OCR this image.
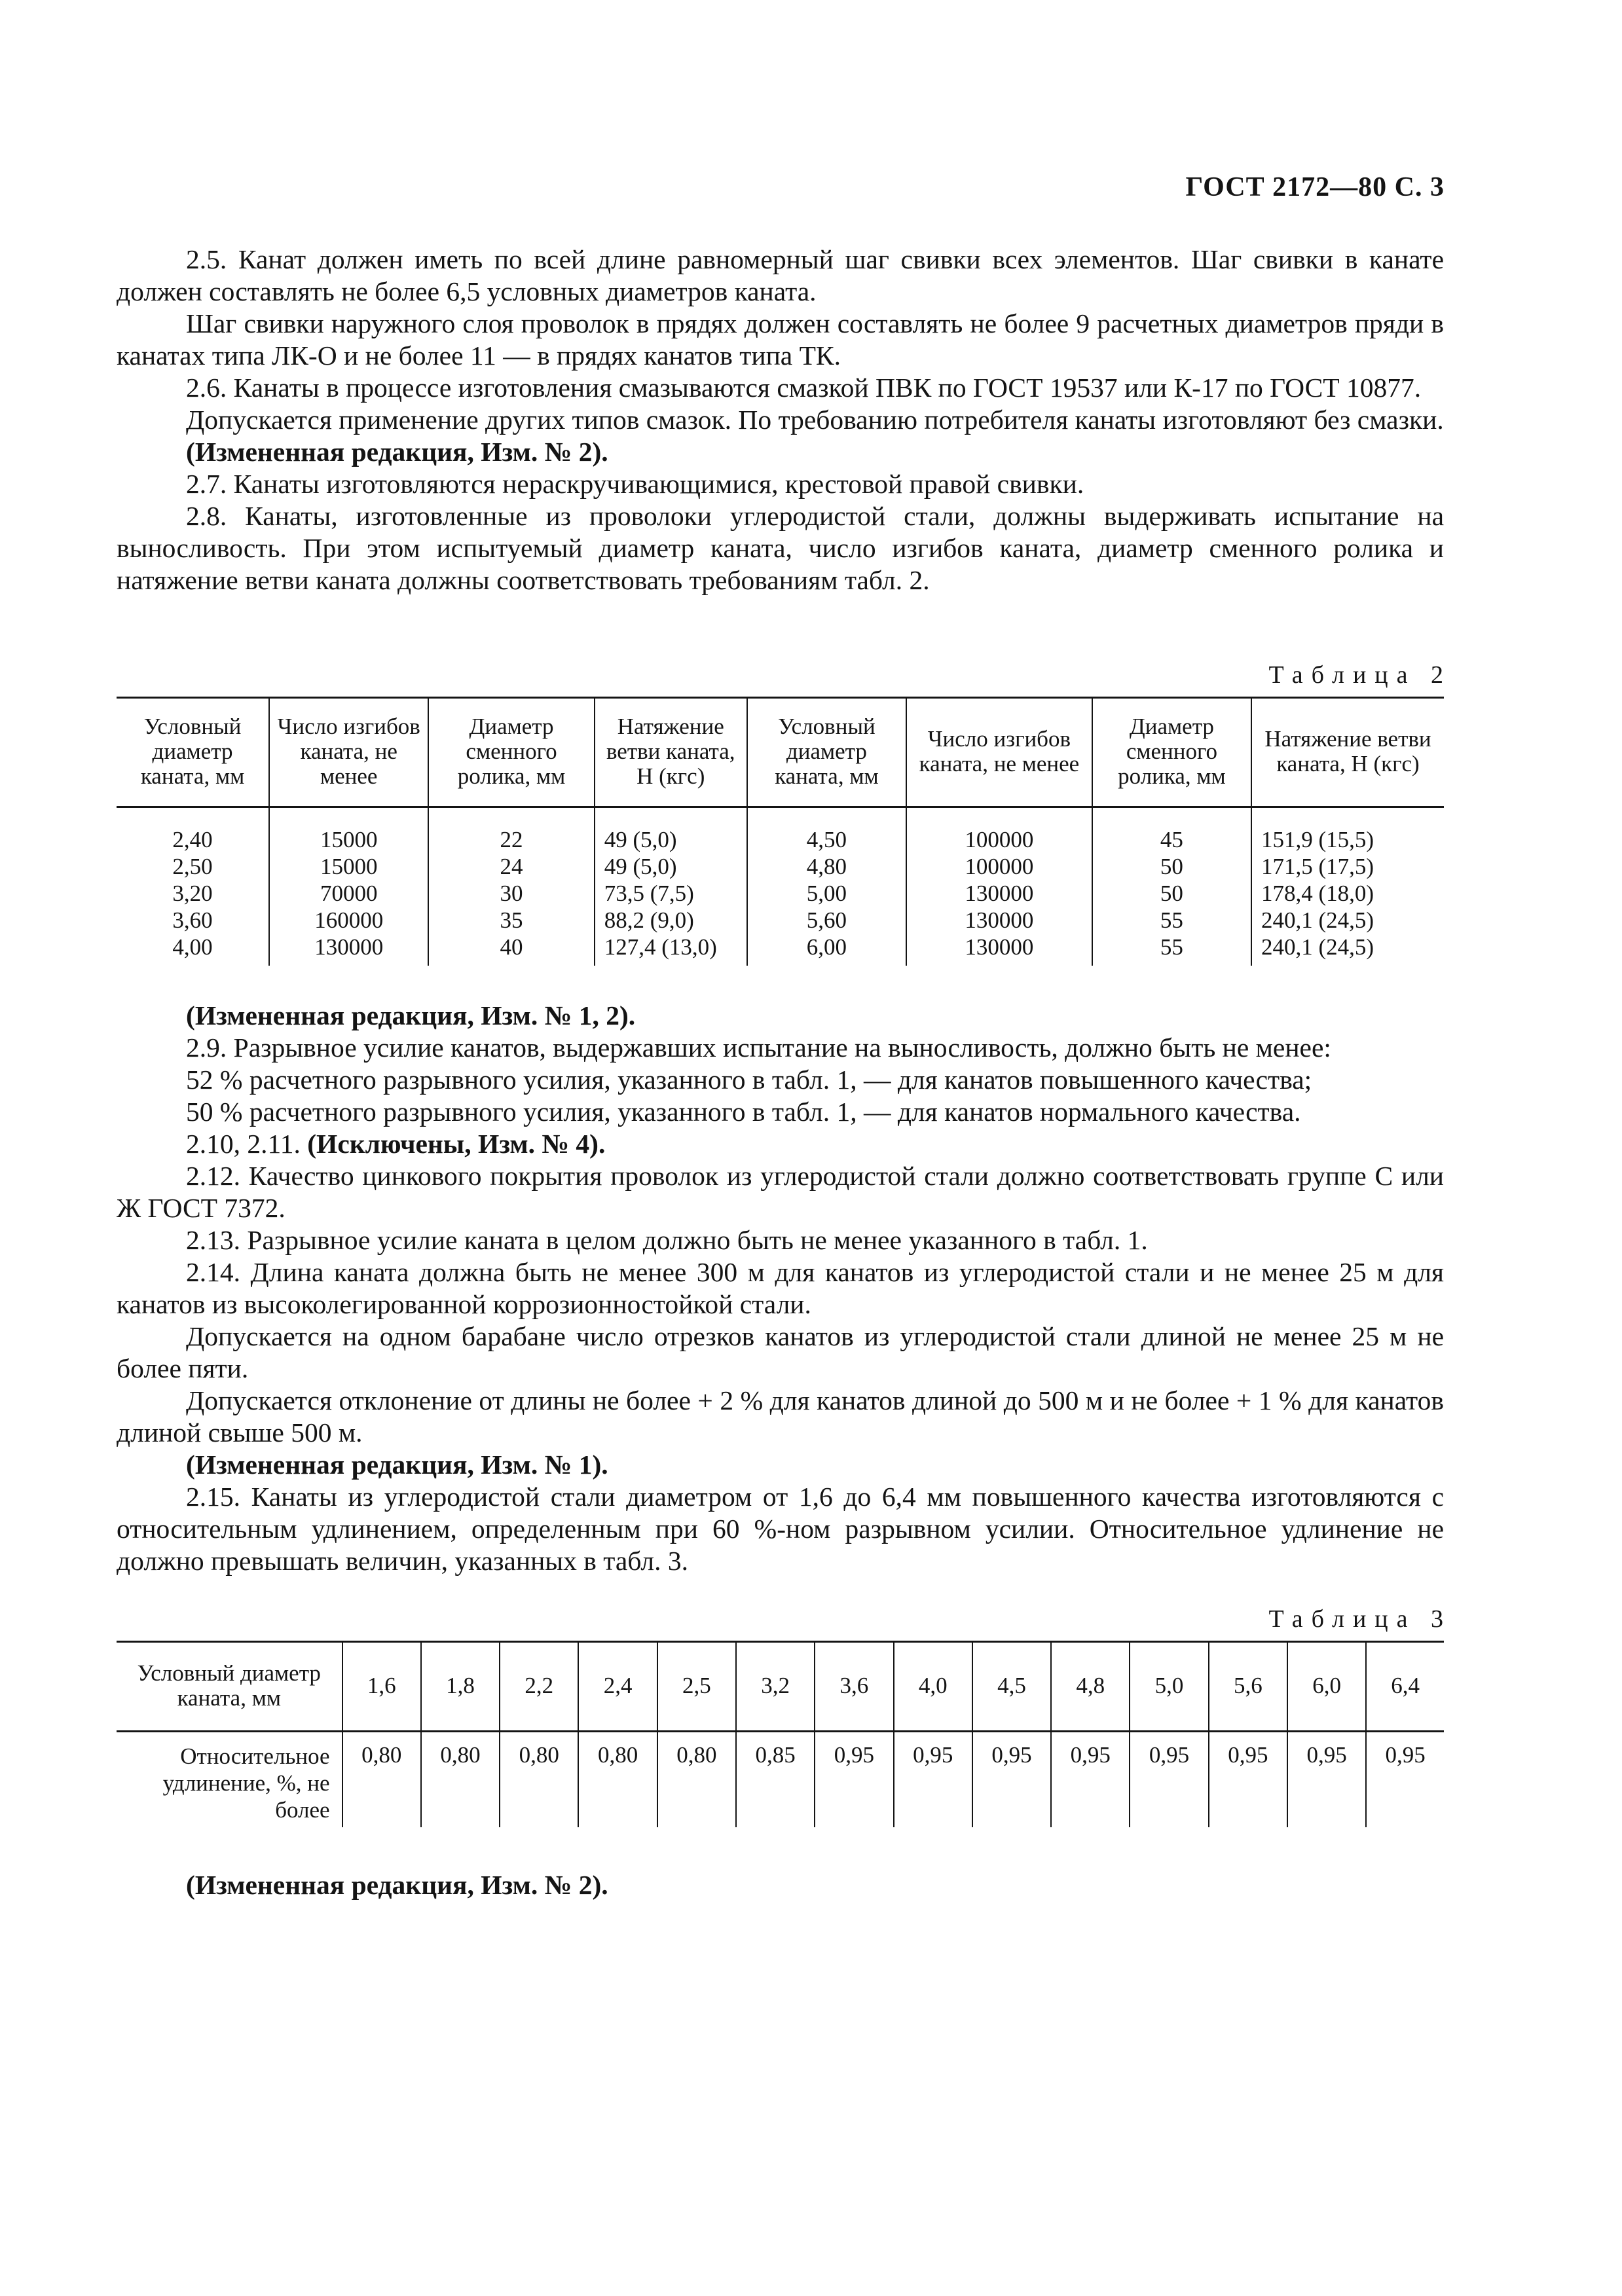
ГОСТ 2172—80 С. 3

2.5. Канат должен иметь по всей длине равномерный шаг свивки всех элементов. Шаг свивки в канате должен составлять не более 6,5 условных диаметров каната.

Шаг свивки наружного слоя проволок в прядях должен составлять не более 9 расчетных диаметров пряди в канатах типа ЛК-О и не более 11 — в прядях канатов типа ТК.

2.6. Канаты в процессе изготовления смазываются смазкой ПВК по ГОСТ 19537 или К-17 по ГОСТ 10877.

Допускается применение других типов смазок. По требованию потребителя канаты изготовляют без смазки.

(Измененная редакция, Изм. № 2).

2.7. Канаты изготовляются нераскручивающимися, крестовой правой свивки.

2.8. Канаты, изготовленные из проволоки углеродистой стали, должны выдерживать испытание на выносливость. При этом испытуемый диаметр каната, число изгибов каната, диаметр сменного ролика и натяжение ветви каната должны соответствовать требованиям табл. 2.

Таблица 2
Условный диаметр каната, мм	Число изгибов каната, не менее	Диаметр сменного ролика, мм	Натяжение ветви каната, Н (кгс)	Условный диаметр каната, мм	Число изгибов каната, не менее	Диаметр сменного ролика, мм	Натяжение ветви каната, Н (кгс)
2,40	15000	22	49 (5,0)	4,50	100000	45	151,9 (15,5)
2,50	15000	24	49 (5,0)	4,80	100000	50	171,5 (17,5)
3,20	70000	30	73,5 (7,5)	5,00	130000	50	178,4 (18,0)
3,60	160000	35	88,2 (9,0)	5,60	130000	55	240,1 (24,5)
4,00	130000	40	127,4 (13,0)	6,00	130000	55	240,1 (24,5)

(Измененная редакция, Изм. № 1, 2).

2.9. Разрывное усилие канатов, выдержавших испытание на выносливость, должно быть не менее:

52 % расчетного разрывного усилия, указанного в табл. 1, — для канатов повышенного качества;

50 % расчетного разрывного усилия, указанного в табл. 1, — для канатов нормального качества.

2.10, 2.11. (Исключены, Изм. № 4).

2.12. Качество цинкового покрытия проволок из углеродистой стали должно соответствовать группе С или Ж ГОСТ 7372.

2.13. Разрывное усилие каната в целом должно быть не менее указанного в табл. 1.

2.14. Длина каната должна быть не менее 300 м для канатов из углеродистой стали и не менее 25 м для канатов из высоколегированной коррозионностойкой стали.

Допускается на одном барабане число отрезков канатов из углеродистой стали длиной не менее 25 м не более пяти.

Допускается отклонение от длины не более + 2 % для канатов длиной до 500 м и не более + 1 % для канатов длиной свыше 500 м.

(Измененная редакция, Изм. № 1).

2.15. Канаты из углеродистой стали диаметром от 1,6 до 6,4 мм повышенного качества изготовляются с относительным удлинением, определенным при 60 %-ном разрывном усилии. Относительное удлинение не должно превышать величин, указанных в табл. 3.

Таблица 3
Условный диаметр каната, мм	1,6	1,8	2,2	2,4	2,5	3,2	3,6	4,0	4,5	4,8	5,0	5,6	6,0	6,4
Относительное удлинение, %, не более	0,80	0,80	0,80	0,80	0,80	0,85	0,95	0,95	0,95	0,95	0,95	0,95	0,95	0,95

(Измененная редакция, Изм. № 2).
